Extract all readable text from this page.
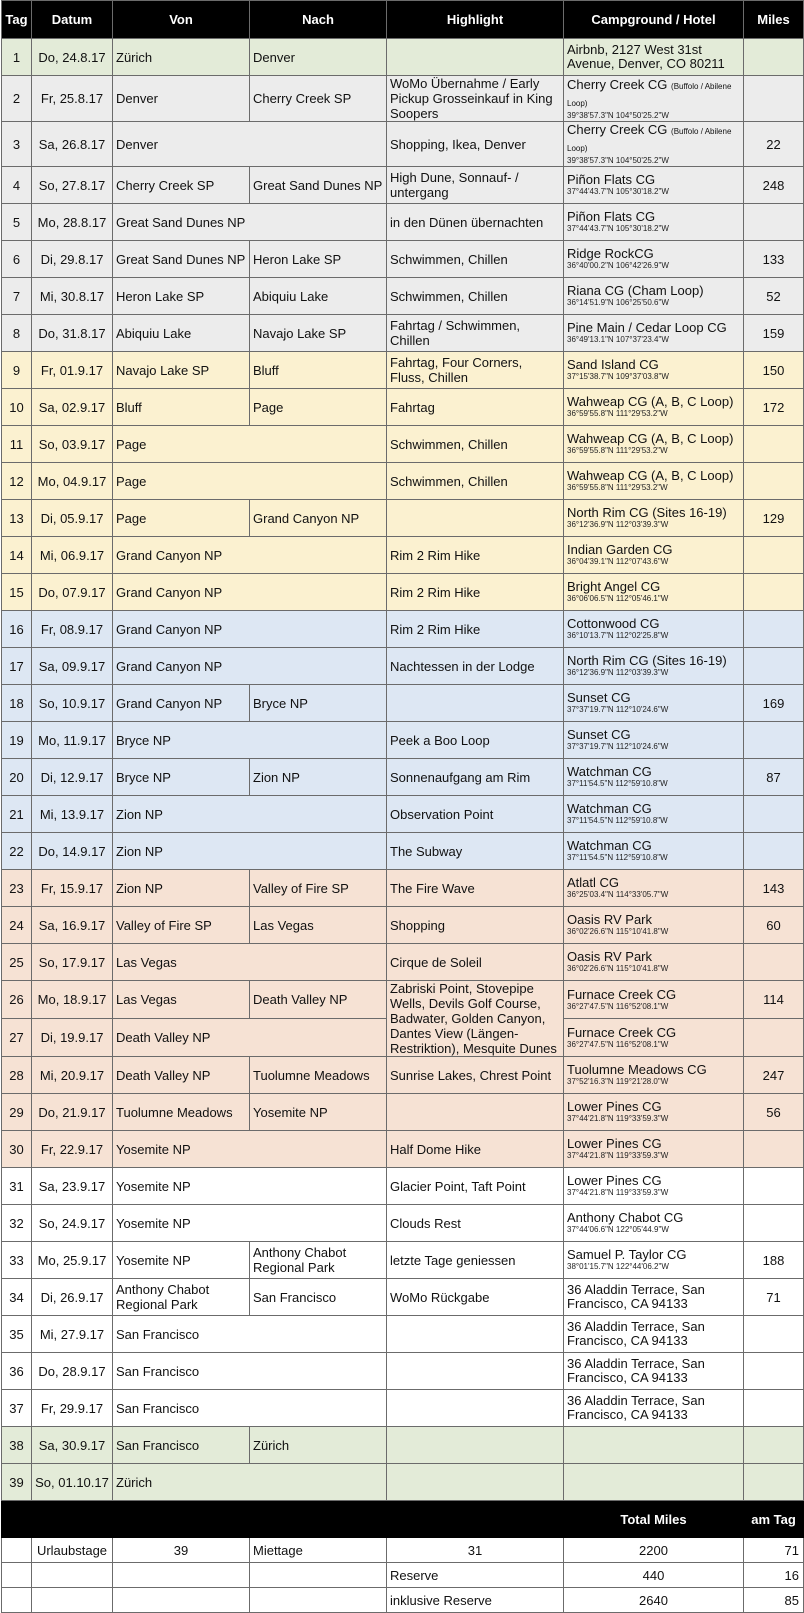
Tag	Datum	Von	Nach	Highlight	Campground / Hotel	Miles
1	Do, 24.8.17	Zürich	Denver		Airbnb, 2127 West 31st Avenue, Denver, CO 80211	

2	Fr, 25.8.17	Denver	Cherry Creek SP	WoMo Übernahme / Early Pickup Grosseinkauf in King Soopers	Cherry Creek CG (Buffolo / Abilene Loop)
39°38'57.3"N 104°50'25.2"W	

3	Sa, 26.8.17	Denver		Shopping, Ikea, Denver	Cherry Creek CG (Buffolo / Abilene Loop)
39°38'57.3"N 104°50'25.2"W	22
4	So, 27.8.17	Cherry Creek SP	Great Sand Dunes NP	High Dune, Sonnauf- / untergang	Piñon Flats CG
37°44'43.7"N 105°30'18.2"W	248
5	Mo, 28.8.17	Great Sand Dunes NP		in den Dünen übernachten	Piñon Flats CG
37°44'43.7"N 105°30'18.2"W	

6	Di, 29.8.17	Great Sand Dunes NP	Heron Lake SP	Schwimmen, Chillen	Ridge RockCG
36°40'00.2"N 106°42'26.9"W	133
7	Mi, 30.8.17	Heron Lake SP	Abiquiu Lake	Schwimmen, Chillen	Riana CG (Cham Loop)
36°14'51.9"N 106°25'50.6"W	52
8	Do, 31.8.17	Abiquiu Lake	Navajo Lake SP	Fahrtag / Schwimmen, Chillen	Pine Main / Cedar Loop CG
36°49'13.1"N 107°37'23.4"W	159
9	Fr, 01.9.17	Navajo Lake SP	Bluff	Fahrtag, Four Corners, Fluss, Chillen	Sand Island CG
37°15'38.7"N 109°37'03.8"W	150
10	Sa, 02.9.17	Bluff	Page	Fahrtag	Wahweap CG (A, B, C Loop)
36°59'55.8"N 111°29'53.2"W	172
11	So, 03.9.17	Page		Schwimmen, Chillen	Wahweap CG (A, B, C Loop)
36°59'55.8"N 111°29'53.2"W	

12	Mo, 04.9.17	Page		Schwimmen, Chillen	Wahweap CG (A, B, C Loop)
36°59'55.8"N 111°29'53.2"W	

13	Di, 05.9.17	Page	Grand Canyon NP		North Rim CG (Sites 16-19)
36°12'36.9"N 112°03'39.3"W	129
14	Mi, 06.9.17	Grand Canyon NP		Rim 2 Rim Hike	Indian Garden CG
36°04'39.1"N 112°07'43.6"W	

15	Do, 07.9.17	Grand Canyon NP		Rim 2 Rim Hike	Bright Angel CG
36°06'06.5"N 112°05'46.1"W	

16	Fr, 08.9.17	Grand Canyon NP		Rim 2 Rim Hike	Cottonwood CG
36°10'13.7"N 112°02'25.8"W	

17	Sa, 09.9.17	Grand Canyon NP		Nachtessen in der Lodge	North Rim CG (Sites 16-19)
36°12'36.9"N 112°03'39.3"W	

18	So, 10.9.17	Grand Canyon NP	Bryce NP		Sunset CG
37°37'19.7"N 112°10'24.6"W	169
19	Mo, 11.9.17	Bryce NP		Peek a Boo Loop	Sunset CG
37°37'19.7"N 112°10'24.6"W	

20	Di, 12.9.17	Bryce NP	Zion NP	Sonnenaufgang am Rim	Watchman CG
37°11'54.5"N 112°59'10.8"W	87
21	Mi, 13.9.17	Zion NP		Observation Point	Watchman CG
37°11'54.5"N 112°59'10.8"W	

22	Do, 14.9.17	Zion NP		The Subway	Watchman CG
37°11'54.5"N 112°59'10.8"W	

23	Fr, 15.9.17	Zion NP	Valley of Fire SP	The Fire Wave	Atlatl CG
36°25'03.4"N 114°33'05.7"W	143
24	Sa, 16.9.17	Valley of Fire SP	Las Vegas	Shopping	Oasis RV Park
36°02'26.6"N 115°10'41.8"W	60
25	So, 17.9.17	Las Vegas		Cirque de Soleil	Oasis RV Park
36°02'26.6"N 115°10'41.8"W	

26	Mo, 18.9.17	Las Vegas	Death Valley NP	Zabriski Point, Stovepipe Wells, Devils Golf Course, Badwater, Golden Canyon, Dantes View (Längen-Restriktion), Mesquite Dunes	Furnace Creek CG
36°27'47.5"N 116°52'08.1"W	114
27	Di, 19.9.17	Death Valley NP			Furnace Creek CG
36°27'47.5"N 116°52'08.1"W	

28	Mi, 20.9.17	Death Valley NP	Tuolumne Meadows	Sunrise Lakes, Chrest Point	Tuolumne Meadows CG
37°52'16.3"N 119°21'28.0"W	247
29	Do, 21.9.17	Tuolumne Meadows	Yosemite NP		Lower Pines CG
37°44'21.8"N 119°33'59.3"W	56
30	Fr, 22.9.17	Yosemite NP		Half Dome Hike	Lower Pines CG
37°44'21.8"N 119°33'59.3"W	

31	Sa, 23.9.17	Yosemite NP		Glacier Point, Taft Point	Lower Pines CG
37°44'21.8"N 119°33'59.3"W	

32	So, 24.9.17	Yosemite NP		Clouds Rest	Anthony Chabot CG
37°44'06.6"N 122°05'44.9"W	

33	Mo, 25.9.17	Yosemite NP	Anthony Chabot Regional Park	letzte Tage geniessen	Samuel P. Taylor CG
38°01'15.7"N 122°44'06.2"W	188
34	Di, 26.9.17	Anthony Chabot Regional Park	San Francisco	WoMo Rückgabe	36 Aladdin Terrace, San Francisco, CA 94133	71
35	Mi, 27.9.17	San Francisco			36 Aladdin Terrace, San Francisco, CA 94133	

36	Do, 28.9.17	San Francisco			36 Aladdin Terrace, San Francisco, CA 94133	

37	Fr, 29.9.17	San Francisco			36 Aladdin Terrace, San Francisco, CA 94133	

38	Sa, 30.9.17	San Francisco	Zürich		

39	So, 01.10.17	Zürich			

					Total Miles	am Tag
	Urlaubstage	39	Miettage	31	2200	71
				Reserve	440	16
				inklusive Reserve	2640	85
